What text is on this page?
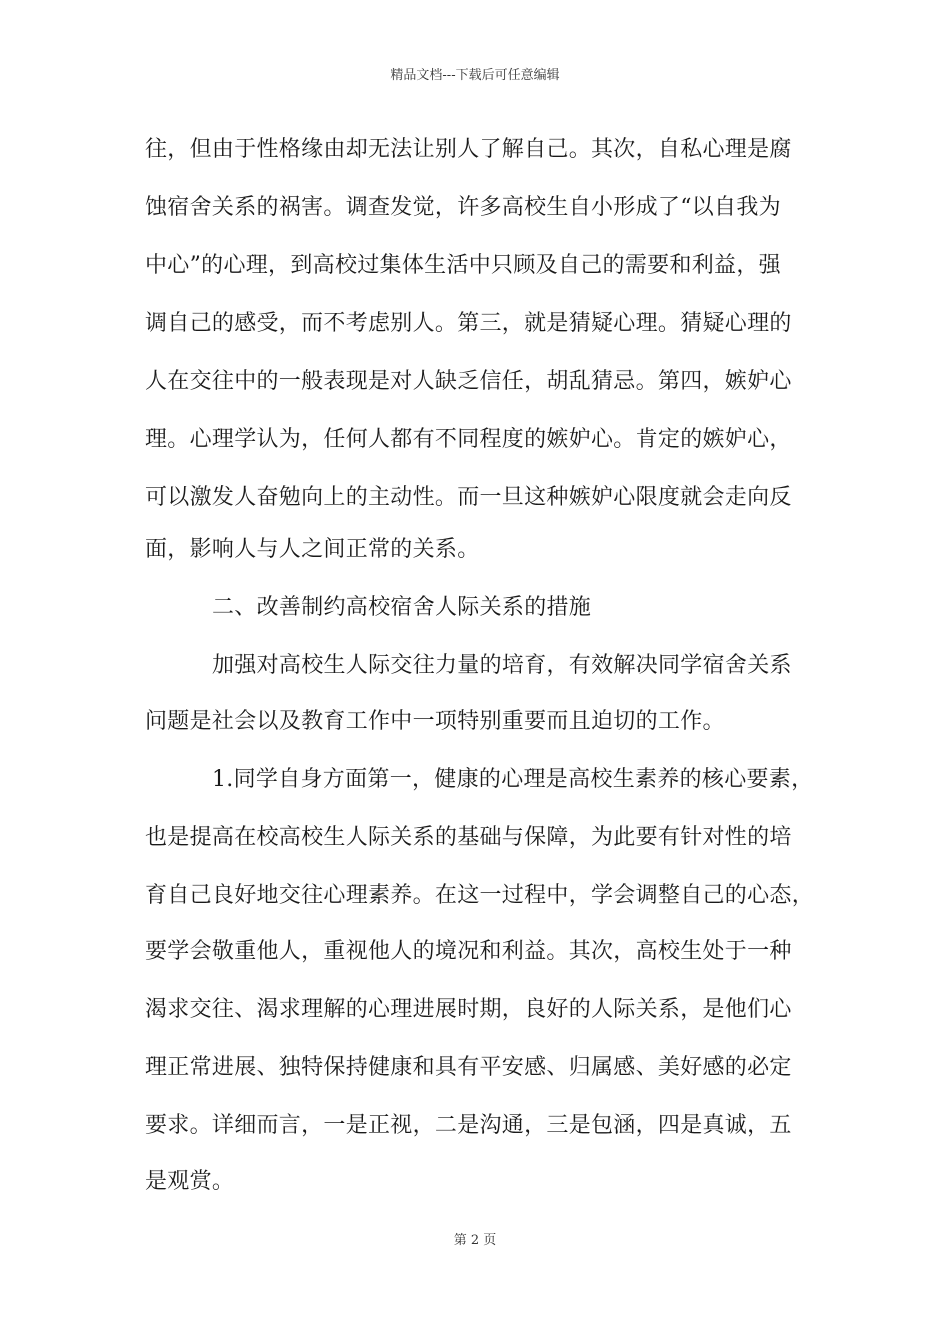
精品文档---下载后可任意编辑
往，但由于性格缘由却无法让别人了解自己。其次，自私心理是腐
蚀宿舍关系的祸害。调查发觉，许多高校生自小形成了“以自我为
中心”的心理，到高校过集体生活中只顾及自己的需要和利益，强
调自己的感受，而不考虑别人。第三，就是猜疑心理。猜疑心理的
人在交往中的一般表现是对人缺乏信任，胡乱猜忌。第四，嫉妒心
理。心理学认为，任何人都有不同程度的嫉妒心。肯定的嫉妒心，
可以激发人奋勉向上的主动性。而一旦这种嫉妒心限度就会走向反
面，影响人与人之间正常的关系。
二、改善制约高校宿舍人际关系的措施
加强对高校生人际交往力量的培育，有效解决同学宿舍关系
问题是社会以及教育工作中一项特别重要而且迫切的工作。
1.同学自身方面第一，健康的心理是高校生素养的核心要素，
也是提高在校高校生人际关系的基础与保障，为此要有针对性的培
育自己良好地交往心理素养。在这一过程中，学会调整自己的心态，
要学会敬重他人，重视他人的境况和利益。其次，高校生处于一种
渴求交往、渴求理解的心理进展时期，良好的人际关系，是他们心
理正常进展、独特保持健康和具有平安感、归属感、美好感的必定
要求。详细而言，一是正视，二是沟通，三是包涵，四是真诚，五
是观赏。
第 2 页
